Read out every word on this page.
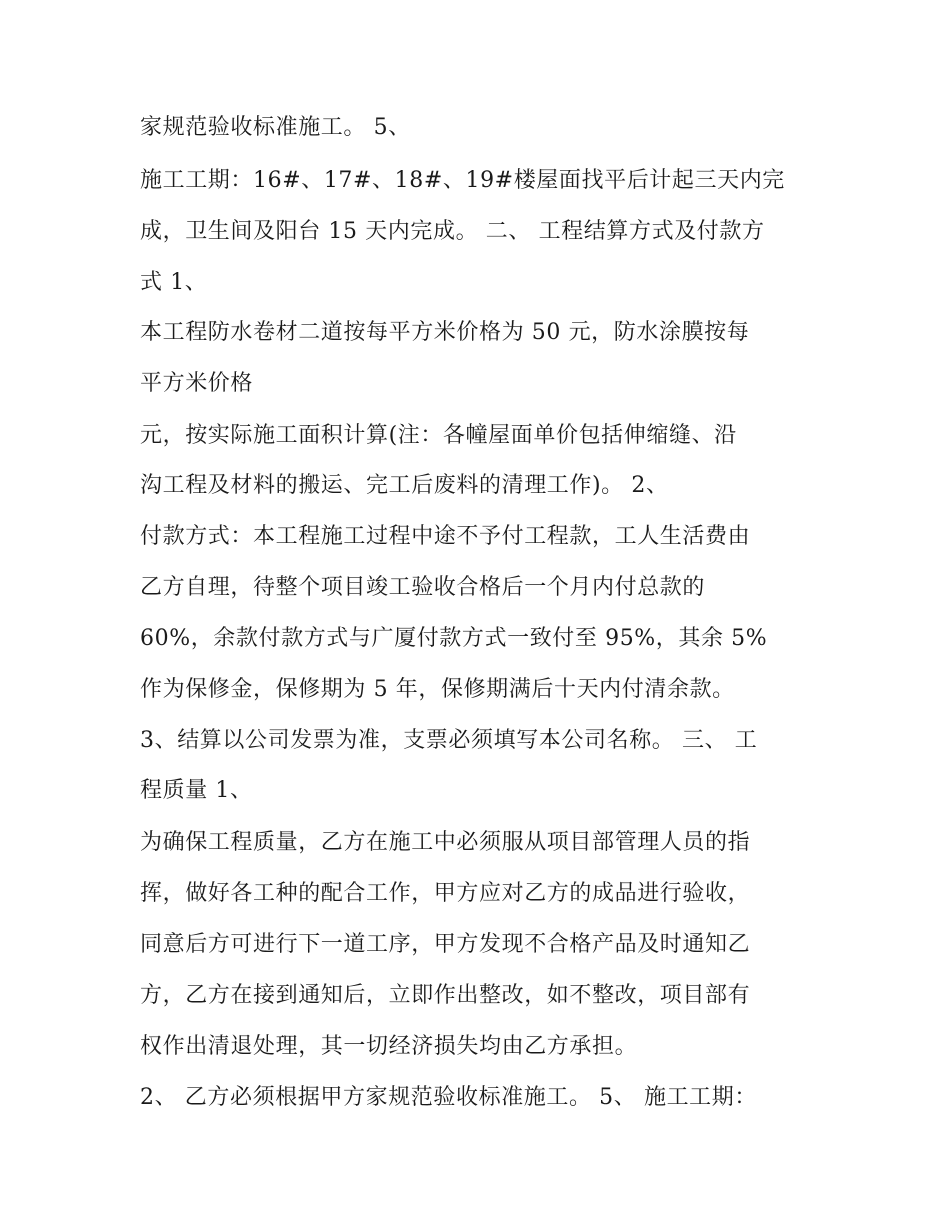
家规范验收标准施工。 5、

施工工期：16#、17#、18#、19#楼屋面找平后计起三天内完

成，卫生间及阳台 15 天内完成。 二、 工程结算方式及付款方

式 1、

本工程防水卷材二道按每平方米价格为 50 元，防水涂膜按每

平方米价格

元，按实际施工面积计算(注：各幢屋面单价包括伸缩缝、沿

沟工程及材料的搬运、完工后废料的清理工作)。 2、

付款方式：本工程施工过程中途不予付工程款，工人生活费由

乙方自理，待整个项目竣工验收合格后一个月内付总款的

60%，余款付款方式与广厦付款方式一致付至 95%，其余 5%

作为保修金，保修期为 5 年，保修期满后十天内付清余款。

3、结算以公司发票为准，支票必须填写本公司名称。 三、 工

程质量 1、

为确保工程质量，乙方在施工中必须服从项目部管理人员的指

挥，做好各工种的配合工作，甲方应对乙方的成品进行验收，

同意后方可进行下一道工序，甲方发现不合格产品及时通知乙

方，乙方在接到通知后，立即作出整改，如不整改，项目部有

权作出清退处理，其一切经济损失均由乙方承担。

2、 乙方必须根据甲方家规范验收标准施工。 5、 施工工期：
